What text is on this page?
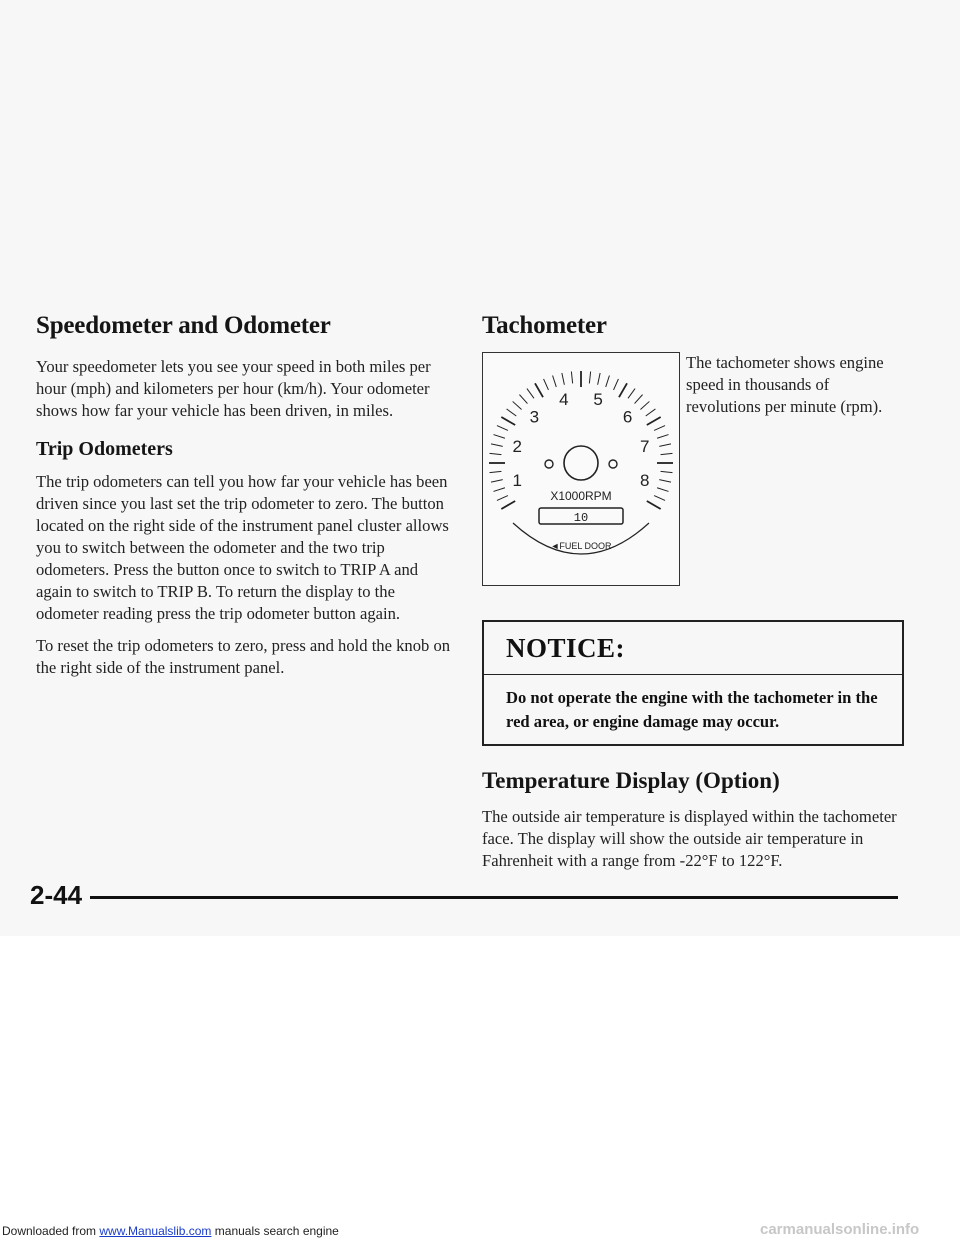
Speedometer and Odometer

Your speedometer lets you see your speed in both miles per hour (mph) and kilometers per hour (km/h). Your odometer shows how far your vehicle has been driven, in miles.

Trip Odometers

The trip odometers can tell you how far your vehicle has been driven since you last set the trip odometer to zero. The button located on the right side of the instrument panel cluster allows you to switch between the odometer and the two trip odometers. Press the button once to switch to TRIP A and again to switch to TRIP B. To return the display to the odometer reading press the trip odometer button again.

To reset the trip odometers to zero, press and hold the knob on the right side of the instrument panel.

Tachometer
1
2
3
4 5
6
7
8
X1000RPM
10
◄FUEL DOOR

The tachometer shows engine speed in thousands of revolutions per minute (rpm).

NOTICE:
Do not operate the engine with the tachometer in the red area, or engine damage may occur.
Temperature Display (Option)

The outside air temperature is displayed within the tachometer face. The display will show the outside air temperature in Fahrenheit with a range from -22°F to 122°F.

2-44
Downloaded from www.Manualslib.com manuals search engine	carmanualsonline.info
